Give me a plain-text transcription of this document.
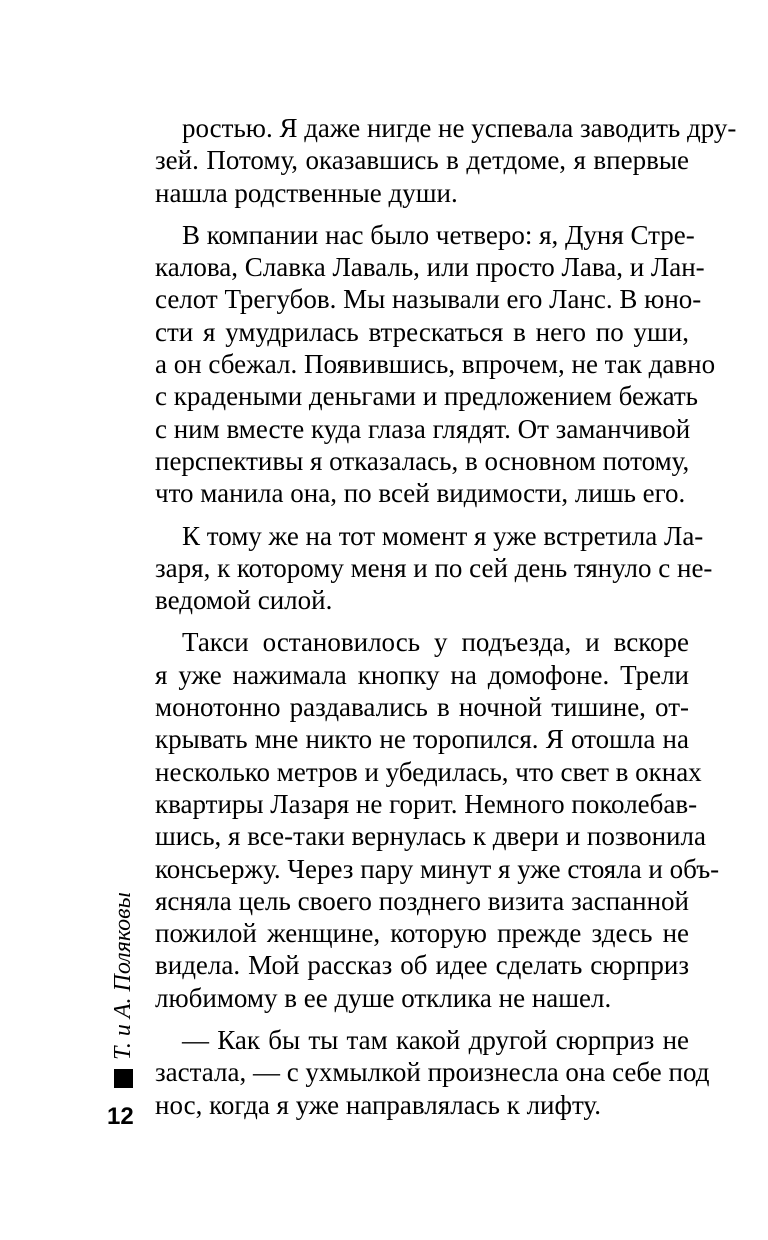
ростью. Я даже нигде не успевала заводить дру-
зей. Потому, оказавшись в детдоме, я впервые
нашла родственные души.
В компании нас было четверо: я, Дуня Стре-
калова, Славка Лаваль, или просто Лава, и Лан-
селот Трегубов. Мы называли его Ланс. В юно-
сти я умудрилась втрескаться в него по уши,
а он сбежал. Появившись, впрочем, не так давно
с крадеными деньгами и предложением бежать
с ним вместе куда глаза глядят. От заманчивой
перспективы я отказалась, в основном потому,
что манила она, по всей видимости, лишь его.
К тому же на тот момент я уже встретила Ла-
заря, к которому меня и по сей день тянуло с не-
ведомой силой.
Такси остановилось у подъезда, и вскоре
я уже нажимала кнопку на домофоне. Трели
монотонно раздавались в ночной тишине, от-
крывать мне никто не торопился. Я отошла на
несколько метров и убедилась, что свет в окнах
квартиры Лазаря не горит. Немного поколебав-
шись, я все-таки вернулась к двери и позвонила
консьержу. Через пару минут я уже стояла и объ-
ясняла цель своего позднего визита заспанной
пожилой женщине, которую прежде здесь не
видела. Мой рассказ об идее сделать сюрприз
любимому в ее душе отклика не нашел.
— Как бы ты там какой другой сюрприз не
застала, — с ухмылкой произнесла она себе под
нос, когда я уже направлялась к лифту.
Т. и А. Поляковы
12
